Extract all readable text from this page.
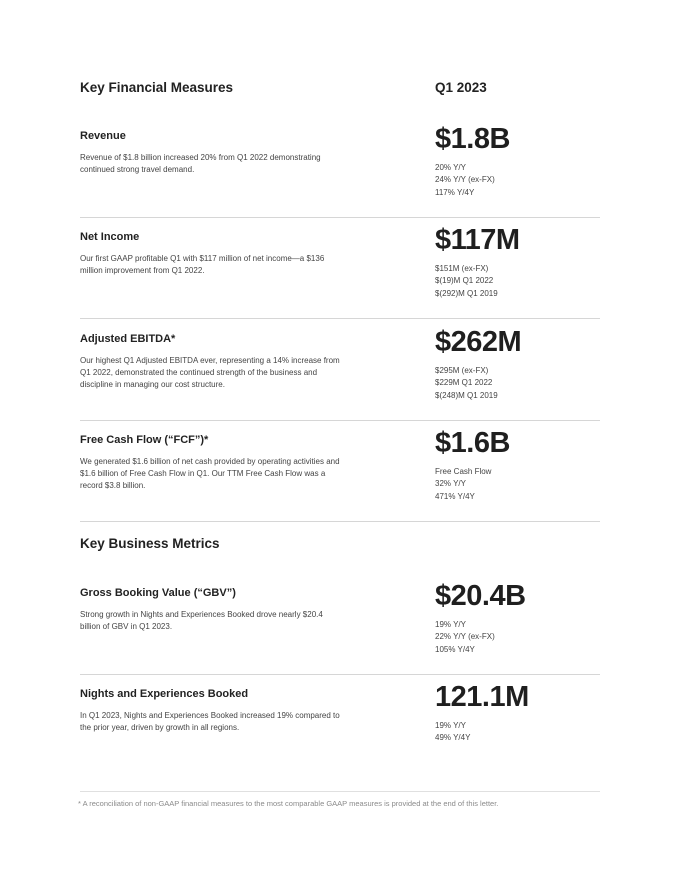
Key Financial Measures	Q1 2023
Revenue
Revenue of $1.8 billion increased 20% from Q1 2022 demonstrating continued strong travel demand.
$1.8B
20% Y/Y
24% Y/Y (ex-FX)
117% Y/4Y
Net Income
Our first GAAP profitable Q1 with $117 million of net income—a $136 million improvement from Q1 2022.
$117M
$151M (ex-FX)
$(19)M Q1 2022
$(292)M Q1 2019
Adjusted EBITDA*
Our highest Q1 Adjusted EBITDA ever, representing a 14% increase from Q1 2022, demonstrated the continued strength of the business and discipline in managing our cost structure.
$262M
$295M (ex-FX)
$229M Q1 2022
$(248)M Q1 2019
Free Cash Flow (“FCF”)*
We generated $1.6 billion of net cash provided by operating activities and $1.6 billion of Free Cash Flow in Q1. Our TTM Free Cash Flow was a record $3.8 billion.
$1.6B
Free Cash Flow
32% Y/Y
471% Y/4Y
Key Business Metrics
Gross Booking Value (“GBV”)
Strong growth in Nights and Experiences Booked drove nearly $20.4 billion of GBV in Q1 2023.
$20.4B
19% Y/Y
22% Y/Y (ex-FX)
105% Y/4Y
Nights and Experiences Booked
In Q1 2023, Nights and Experiences Booked increased 19% compared to the prior year, driven by growth in all regions.
121.1M
19% Y/Y
49% Y/4Y
* A reconciliation of non-GAAP financial measures to the most comparable GAAP measures is provided at the end of this letter.
